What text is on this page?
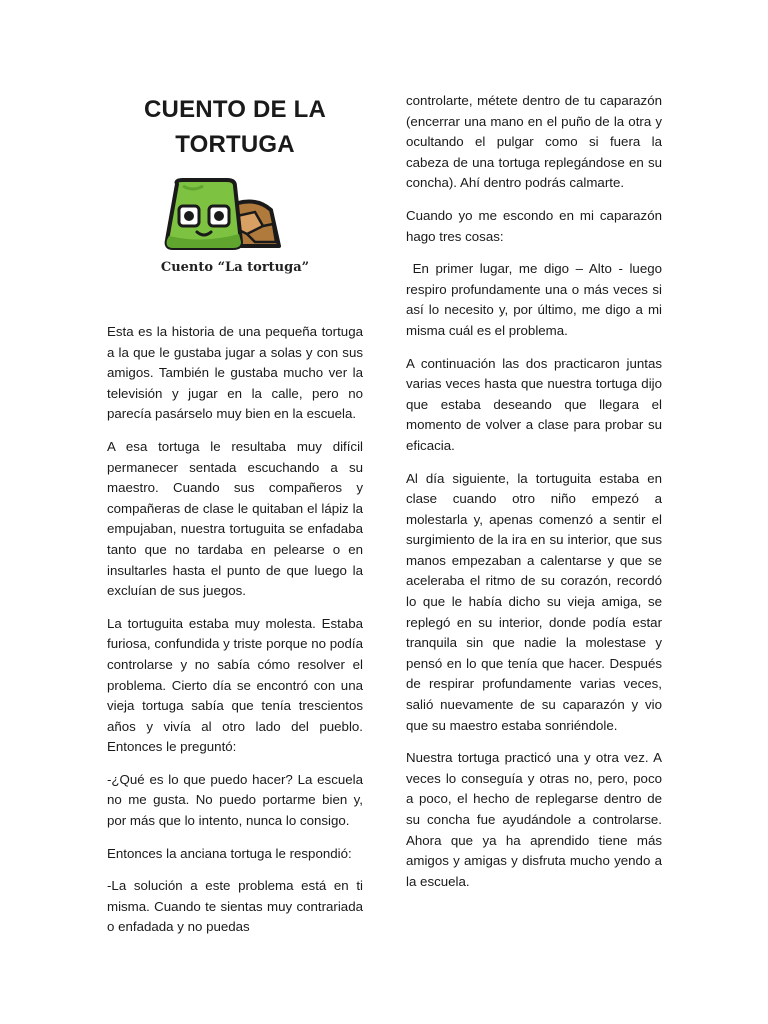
CUENTO DE LA
TORTUGA
Cuento “La tortuga”

Esta es la historia de una pequeña tortuga a la que le gustaba jugar a solas y con sus amigos. También le gustaba mucho ver la televisión y jugar en la calle, pero no parecía pasárselo muy bien en la escuela.

A esa tortuga le resultaba muy difícil permanecer sentada escuchando a su maestro. Cuando sus compañeros y compañeras de clase le quitaban el lápiz la empujaban, nuestra tortuguita se enfadaba tanto que no tardaba en pelearse o en insultarles hasta el punto de que luego la excluían de sus juegos.

La tortuguita estaba muy molesta. Estaba furiosa, confundida y triste porque no podía controlarse y no sabía cómo resolver el problema. Cierto día se encontró con una vieja tortuga sabía que tenía trescientos años y vivía al otro lado del pueblo. Entonces le preguntó:

-¿Qué es lo que puedo hacer? La escuela no me gusta. No puedo portarme bien y, por más que lo intento, nunca lo consigo.

Entonces la anciana tortuga le respondió:

-La solución a este problema está en ti misma. Cuando te sientas muy contrariada o enfadada y no puedas

controlarte, métete dentro de tu caparazón (encerrar una mano en el puño de la otra y ocultando el pulgar como si fuera la cabeza de una tortuga replegándose en su concha). Ahí dentro podrás calmarte.

Cuando yo me escondo en mi caparazón hago tres cosas:

En primer lugar, me digo – Alto - luego respiro profundamente una o más veces si así lo necesito y, por último, me digo a mi misma cuál es el problema.

A continuación las dos practicaron juntas varias veces hasta que nuestra tortuga dijo que estaba deseando que llegara el momento de volver a clase para probar su eficacia.

Al día siguiente, la tortuguita estaba en clase cuando otro niño empezó a molestarla y, apenas comenzó a sentir el surgimiento de la ira en su interior, que sus manos empezaban a calentarse y que se aceleraba el ritmo de su corazón, recordó lo que le había dicho su vieja amiga, se replegó en su interior, donde podía estar tranquila sin que nadie la molestase y pensó en lo que tenía que hacer. Después de respirar profundamente varias veces, salió nuevamente de su caparazón y vio que su maestro estaba sonriéndole.

Nuestra tortuga practicó una y otra vez. A veces lo conseguía y otras no, pero, poco a poco, el hecho de replegarse dentro de su concha fue ayudándole a controlarse. Ahora que ya ha aprendido tiene más amigos y amigas y disfruta mucho yendo a la escuela.
